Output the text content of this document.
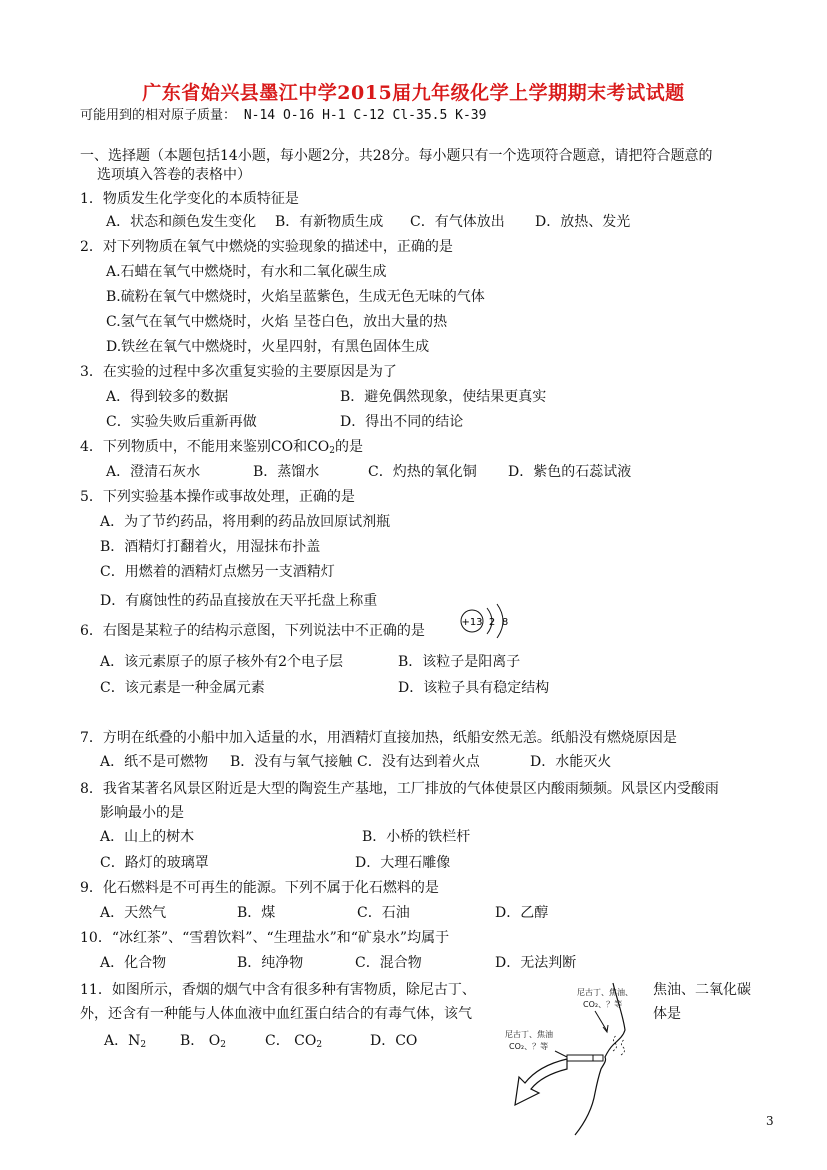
广东省始兴县墨江中学2015届九年级化学上学期期末考试试题
可能用到的相对原子质量： N-14 O-16 H-1 C-12 Cl-35.5 K-39
一、选择题（本题包括14小题，每小题2分，共28分。每小题只有一个选项符合题意，请把符合题意的
选项填入答卷的表格中）
1．物质发生化学变化的本质特征是
A．状态和颜色发生变化 B．有新物质生成 C．有气体放出 D．放热、发光
2．对下列物质在氧气中燃烧的实验现象的描述中，正确的是
A.石蜡在氧气中燃烧时，有水和二氧化碳生成
B.硫粉在氧气中燃烧时，火焰呈蓝紫色，生成无色无味的气体
C.氢气在氧气中燃烧时，火焰 呈苍白色，放出大量的热
D.铁丝在氧气中燃烧时，火星四射，有黑色固体生成
3．在实验的过程中多次重复实验的主要原因是为了
A．得到较多的数据	B．避免偶然现象，使结果更真实
C．实验失败后重新再做	D．得出不同的结论
4．下列物质中，不能用来鉴别CO和$CO_2$的是
A．澄清石灰水	B．蒸馏水	C．灼热的氧化铜 D．紫色的石蕊试液
5．下列实验基本操作或事故处理，正确的是
A．为了节约药品，将用剩的药品放回原试剂瓶
B．酒精灯打翻着火，用湿抹布扑盖
C．用燃着的酒精灯点燃另一支酒精灯
D．有腐蚀性的药品直接放在天平托盘上称重
6．右图是某粒子的结构示意图，下列说法中不正确的是
+13 2 8
A．该元素原子的原子核外有2个电子层	B．该粒子是阳离子
C．该元素是一种金属元素	D．该粒子具有稳定结构
7．方明在纸叠的小船中加入适量的水，用酒精灯直接加热，纸船安然无恙。纸船没有燃烧原因是
A．纸不是可燃物 B．没有与氧气接触 C．没有达到着火点	D．水能灭火
8．我省某著名风景区附近是大型的陶瓷生产基地，工厂排放的气体使景区内酸雨频频。风景区内受酸雨
影响最小的是
A．山上的树木	B．小桥的铁栏杆
C．路灯的玻璃罩	D．大理石雕像
9．化石燃料是不可再生的能源。下列不属于化石燃料的是
A．天然气	B．煤	C．石油	D．乙醇
10．“冰红茶”、“雪碧饮料”、“生理盐水”和“矿泉水”均属于
A．化合物	B．纯净物	C．混合物	D．无法判断
11．如图所示，香烟的烟气中含有很多种有害物质，除尼古丁、	焦油、二氧化碳
外，还含有一种能与人体血液中血红蛋白结合的有毒气体，该气	体是
A．$N_2$ B． $O_2$	C． $CO_2$	D．CO
尼古丁、焦油、
CO₂、？等
尼古丁、焦油
CO₂、？等
3
